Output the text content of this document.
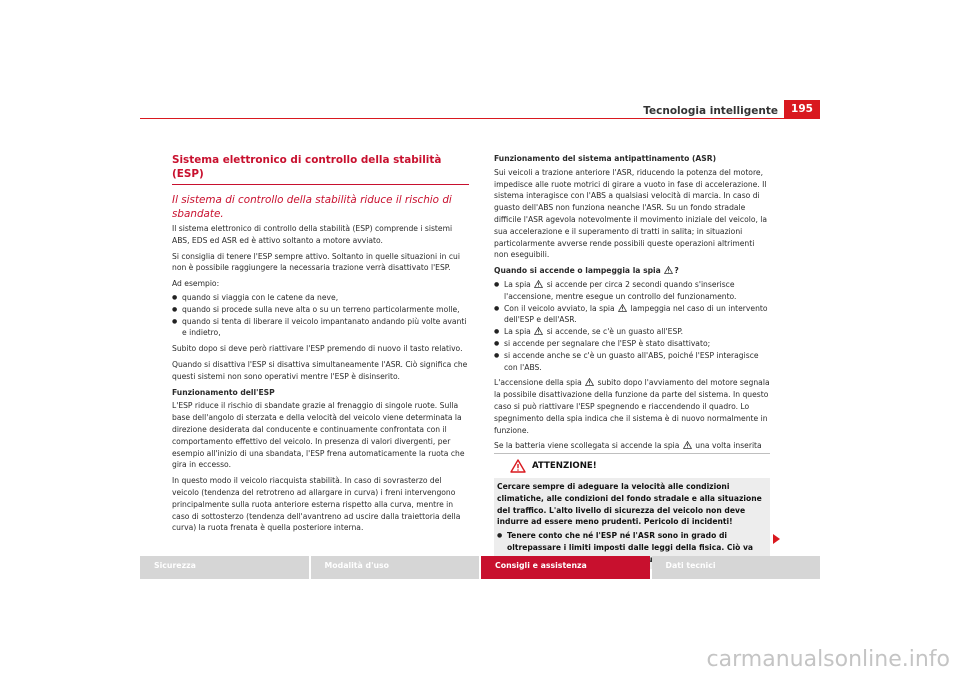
Tecnologia intelligente	195
Sistema elettronico di controllo della stabilità (ESP)
Il sistema di controllo della stabilità riduce il rischio di sbandate.

Il sistema elettronico di controllo della stabilità (ESP) comprende i sistemi ABS, EDS ed ASR ed è attivo soltanto a motore avviato.

Si consiglia di tenere l'ESP sempre attivo. Soltanto in quelle situazioni in cui non è possibile raggiungere la necessaria trazione verrà disattivato l'ESP.

Ad esempio:

● quando si viaggia con le catene da neve,
● quando si procede sulla neve alta o su un terreno particolarmente molle,
● quando si tenta di liberare il veicolo impantanato andando più volte avanti e indietro,

Subito dopo si deve però riattivare l'ESP premendo di nuovo il tasto relativo.

Quando si disattiva l'ESP si disattiva simultaneamente l'ASR. Ciò significa che questi sistemi non sono operativi mentre l'ESP è disinserito.

Funzionamento dell'ESP

L'ESP riduce il rischio di sbandate grazie al frenaggio di singole ruote. Sulla base dell'angolo di sterzata e della velocità del veicolo viene determinata la direzione desiderata dal conducente e continuamente confrontata con il comportamento effettivo del veicolo. In presenza di valori divergenti, per esempio all'inizio di una sbandata, l'ESP frena automaticamente la ruota che gira in eccesso.

In questo modo il veicolo riacquista stabilità. In caso di sovrasterzo del veicolo (tendenza del retrotreno ad allargare in curva) i freni intervengono principalmente sulla ruota anteriore esterna rispetto alla curva, mentre in caso di sottosterzo (tendenza dell'avantreno ad uscire dalla traiettoria della curva) la ruota frenata è quella posteriore interna.

Funzionamento del sistema antipattinamento (ASR)

Sui veicoli a trazione anteriore l'ASR, riducendo la potenza del motore, impedisce alle ruote motrici di girare a vuoto in fase di accelerazione. Il sistema interagisce con l'ABS a qualsiasi velocità di marcia. In caso di guasto dell'ABS non funziona neanche l'ASR. Su un fondo stradale difficile l'ASR agevola notevolmente il movimento iniziale del veicolo, la sua accelerazione e il superamento di tratti in salita; in situazioni particolarmente avverse rende possibili queste operazioni altrimenti non eseguibili.

Quando si accende o lampeggia la spia ?
● La spia si accende per circa 2 secondi quando s'inserisce l'accensione, mentre esegue un controllo del funzionamento.
● Con il veicolo avviato, la spia lampeggia nel caso di un intervento dell'ESP e dell'ASR.
● La spia si accende, se c'è un guasto all'ESP.
● si accende per segnalare che l'ESP è stato disattivato;
● si accende anche se c'è un guasto all'ABS, poiché l'ESP interagisce con l'ABS.

L'accensione della spia subito dopo l'avviamento del motore segnala la possibile disattivazione della funzione da parte del sistema. In questo caso si può riattivare l'ESP spegnendo e riaccendendo il quadro. Lo spegnimento della spia indica che il sistema è di nuovo normalmente in funzione.

Se la batteria viene scollegata si accende la spia una volta inserita

ATTENZIONE!

Cercare sempre di adeguare la velocità alle condizioni climatiche, alle condizioni del fondo stradale e alla situazione del traffico. L'alto livello di sicurezza del veicolo non deve indurre ad essere meno prudenti. Pericolo di incidenti!

● Tenere conto che né l'ESP né l'ASR sono in grado di oltrepassare i limiti imposti dalle leggi della fisica. Ciò va
Sicurezza	Modalità d'uso	Consigli e assistenza	Dati tecnici
carmanualsonline.info
